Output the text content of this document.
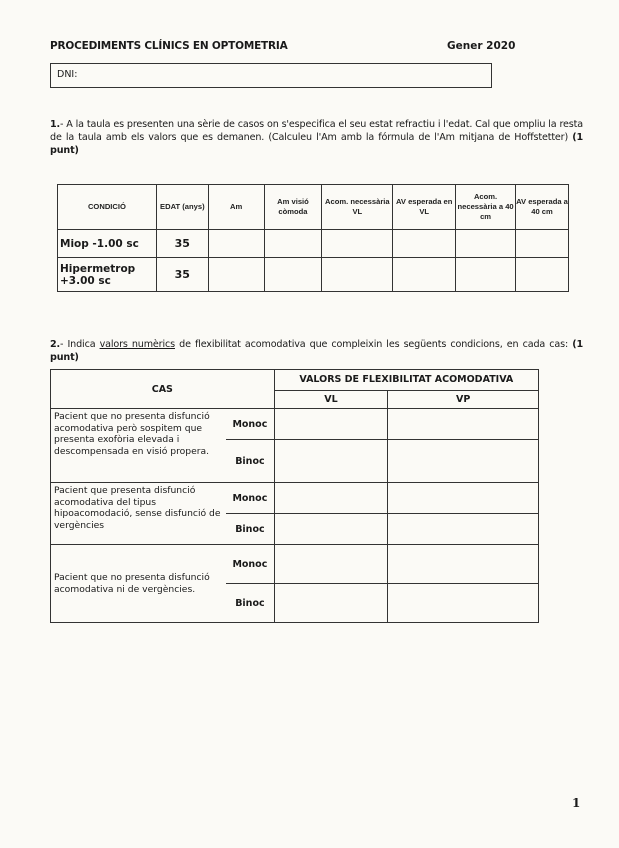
PROCEDIMENTS CLÍNICS EN OPTOMETRIA	Gener 2020
DNI:
1.- A la taula es presenten una sèrie de casos on s'especifica el seu estat refractiu i l'edat. Cal que ompliu la resta de la taula amb els valors que es demanen. (Calculeu l'Am amb la fórmula de l'Am mitjana de Hoffstetter) (1 punt)
CONDICIÓ	EDAT (anys)	Am	Am visió còmoda	Acom. necessària VL	AV esperada en VL	Acom. necessària a 40 cm	AV esperada a 40 cm
Miop -1.00 sc	35						
Hipermetrop +3.00 sc	35						
2.- Indica valors numèrics de flexibilitat acomodativa que compleixin les següents condicions, en cada cas: (1 punt)
CAS		VALORS DE FLEXIBILITAT ACOMODATIVA	
		VL	VP
Pacient que no presenta disfunció acomodativa però sospitem que presenta exofòria elevada i descompensada en visió propera.	Monoc		
	Binoc		
Pacient que presenta disfunció acomodativa del tipus hipoacomodació, sense disfunció de vergències	Monoc		
	Binoc		
Pacient que no presenta disfunció acomodativa ni de vergències.	Monoc		
	Binoc		
1
